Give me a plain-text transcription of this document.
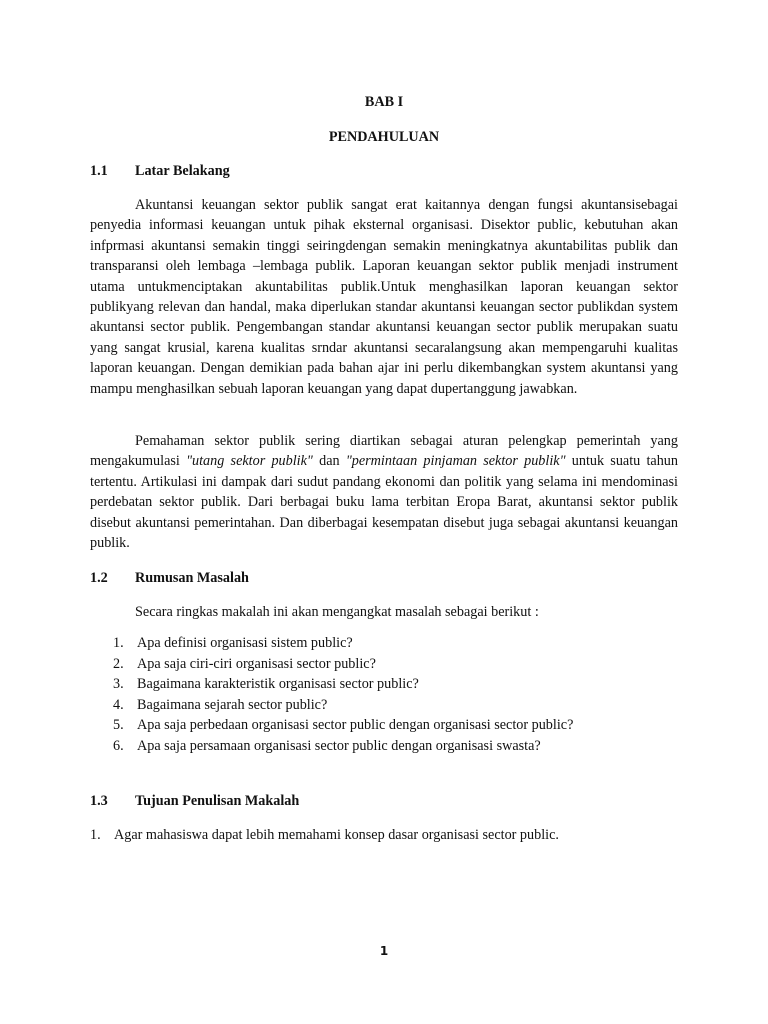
BAB I
PENDAHULUAN
1.1 Latar Belakang

Akuntansi keuangan sektor publik sangat erat kaitannya dengan fungsi akuntansisebagai penyedia informasi keuangan untuk pihak eksternal organisasi. Disektor public, kebutuhan akan infprmasi akuntansi semakin tinggi seiringdengan semakin meningkatnya akuntabilitas publik dan transparansi oleh lembaga –lembaga publik. Laporan keuangan sektor publik menjadi instrument utama untukmenciptakan akuntabilitas publik.Untuk menghasilkan laporan keuangan sektor publikyang relevan dan handal, maka diperlukan standar akuntansi keuangan sector publikdan system akuntansi sector publik. Pengembangan standar akuntansi keuangan sector publik merupakan suatu yang sangat krusial, karena kualitas srndar akuntansi secaralangsung akan mempengaruhi kualitas laporan keuangan. Dengan demikian pada bahan ajar ini perlu dikembangkan system akuntansi yang mampu menghasilkan sebuah laporan keuangan yang dapat dupertanggung jawabkan.

Pemahaman sektor publik sering diartikan sebagai aturan pelengkap pemerintah yang mengakumulasi "utang sektor publik" dan "permintaan pinjaman sektor publik" untuk suatu tahun tertentu. Artikulasi ini dampak dari sudut pandang ekonomi dan politik yang selama ini mendominasi perdebatan sektor publik. Dari berbagai buku lama terbitan Eropa Barat, akuntansi sektor publik disebut akuntansi pemerintahan. Dan diberbagai kesempatan disebut juga sebagai akuntansi keuangan publik.

1.2 Rumusan Masalah
Secara ringkas makalah ini akan mengangkat masalah sebagai berikut :
1. Apa definisi organisasi sistem public?
2. Apa saja ciri-ciri organisasi sector public?
3. Bagaimana karakteristik organisasi sector public?
4. Bagaimana sejarah sector public?
5. Apa saja perbedaan organisasi sector public dengan organisasi sector public?
6. Apa saja persamaan organisasi sector public dengan organisasi swasta?
1.3 Tujuan Penulisan Makalah
1. Agar mahasiswa dapat lebih memahami konsep dasar organisasi sector public.
1
